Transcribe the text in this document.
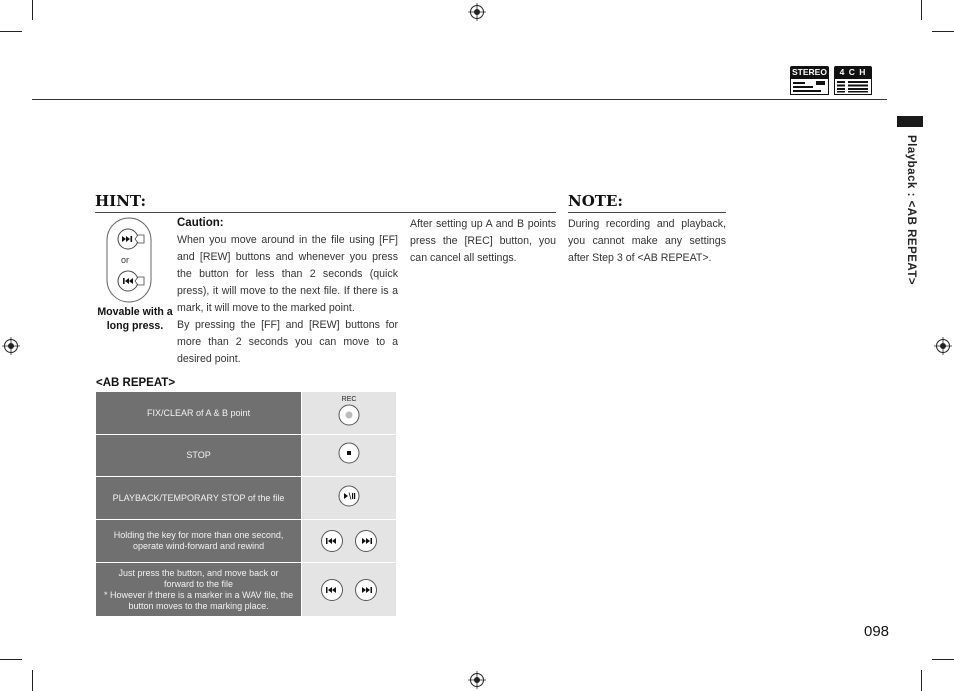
STEREO	4 C H
Playback : <AB REPEAT>
HINT:
or
Movable with a long press.
Caution:
When you move around in the file using [FF] and [REW] buttons and whenever you press the button for less than 2 seconds (quick press), it will move to the next file. If there is a mark, it will move to the marked point.
By pressing the [FF] and [REW] buttons for more than 2 seconds you can move to a desired point.
After setting up A and B points press the [REC] button, you can cancel all settings.
NOTE:
During recording and playback, you cannot make any settings after Step 3 of <AB REPEAT>.
<AB REPEAT>
FIX/CLEAR of A & B point	REC

STOP	
PLAYBACK/TEMPORARY STOP of the file	
Holding the key for more than one second, operate wind-forward and rewind	

Just press the button, and move back or forward to the file
* However if there is a marker in a WAV file, the button moves to the marking place.	
098
